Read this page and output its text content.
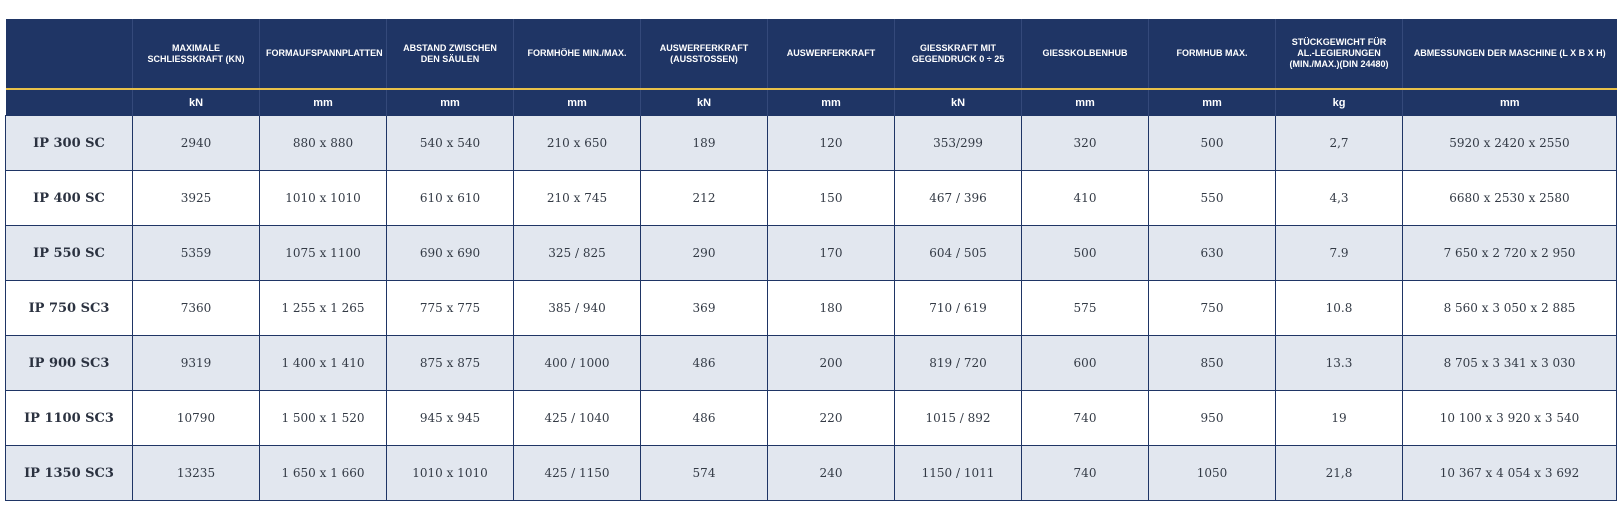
	MAXIMALE SCHLIESSKRAFT (KN)	FORMAUFSPANNPLATTEN	ABSTAND ZWISCHEN DEN SÄULEN	FORMHÖHE MIN./MAX.	AUSWERFERKRAFT (AUSSTOSSEN)	AUSWERFERKRAFT	GIESSKRAFT MIT GEGENDRUCK 0 ÷ 25	GIESSKOLBENHUB	FORMHUB MAX.	STÜCKGEWICHT FÜR AL.-LEGIERUNGEN (MIN./MAX.)(DIN 24480)	ABMESSUNGEN DER MASCHINE (L X B X H)
	kN	mm	mm	mm	kN	mm	kN	mm	mm	kg	mm
IP 300 SC	2940	880 x 880	540 x 540	210 x 650	189	120	353/299	320	500	2,7	5920 x 2420 x 2550
IP 400 SC	3925	1010 x 1010	610 x 610	210 x 745	212	150	467 / 396	410	550	4,3	6680 x 2530 x 2580
IP 550 SC	5359	1075 x 1100	690 x 690	325 / 825	290	170	604 / 505	500	630	7.9	7 650 x 2 720 x 2 950
IP 750 SC3	7360	1 255 x 1 265	775 x 775	385 / 940	369	180	710 / 619	575	750	10.8	8 560 x 3 050 x 2 885
IP 900 SC3	9319	1 400 x 1 410	875 x 875	400 / 1000	486	200	819 / 720	600	850	13.3	8 705 x 3 341 x 3 030
IP 1100 SC3	10790	1 500 x 1 520	945 x 945	425 / 1040	486	220	1015 / 892	740	950	19	10 100 x 3 920 x 3 540
IP 1350 SC3	13235	1 650 x 1 660	1010 x 1010	425 / 1150	574	240	1150 / 1011	740	1050	21,8	10 367 x 4 054 x 3 692
